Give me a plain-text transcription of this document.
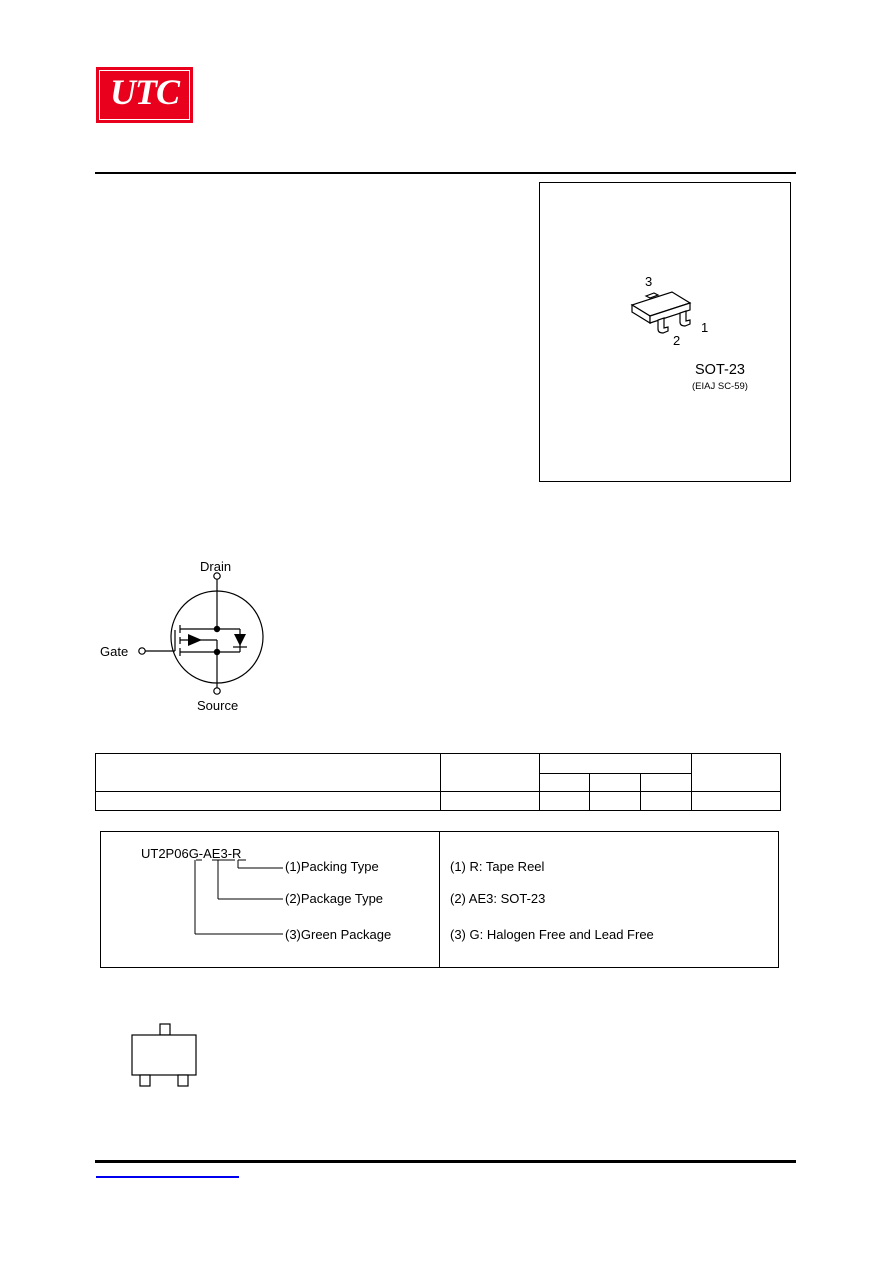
UTC
3
2
1
SOT-23
(EIAJ SC-59)
Drain
Gate
Source
UT2P06G-AE3-R
(1)Packing Type
(2)Package Type
(3)Green Package
(1) R: Tape Reel
(2) AE3: SOT-23
(3) G: Halogen Free and Lead Free
